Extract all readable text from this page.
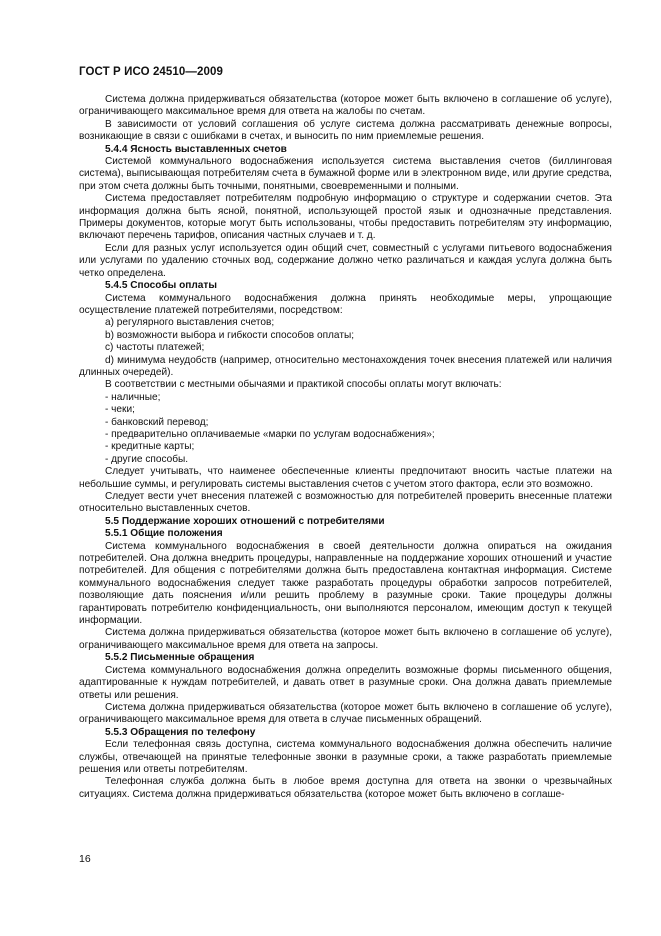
ГОСТ Р ИСО 24510—2009

Система должна придерживаться обязательства (которое может быть включено в соглашение об услуге), ограничивающего максимальное время для ответа на жалобы по счетам.

В зависимости от условий соглашения об услуге система должна рассматривать денежные вопросы, возникающие в связи с ошибками в счетах, и выносить по ним приемлемые решения.

5.4.4 Ясность выставленных счетов

Системой коммунального водоснабжения используется система выставления счетов (биллинговая система), выписывающая потребителям счета в бумажной форме или в электронном виде, или другие средства, при этом счета должны быть точными, понятными, своевременными и полными.

Система предоставляет потребителям подробную информацию о структуре и содержании счетов. Эта информация должна быть ясной, понятной, использующей простой язык и однозначные представления. Примеры документов, которые могут быть использованы, чтобы предоставить потребителям эту информацию, включают перечень тарифов, описания частных случаев и т. д.

Если для разных услуг используется один общий счет, совместный с услугами питьевого водоснабжения или услугами по удалению сточных вод, содержание должно четко различаться и каждая услуга должна быть четко определена.

5.4.5 Способы оплаты

Система коммунального водоснабжения должна принять необходимые меры, упрощающие осуществление платежей потребителями, посредством:

a) регулярного выставления счетов;

b) возможности выбора и гибкости способов оплаты;

c) частоты платежей;

d) минимума неудобств (например, относительно местонахождения точек внесения платежей или наличия длинных очередей).

В соответствии с местными обычаями и практикой способы оплаты могут включать:

- наличные;

- чеки;

- банковский перевод;

- предварительно оплачиваемые «марки по услугам водоснабжения»;

- кредитные карты;

- другие способы.

Следует учитывать, что наименее обеспеченные клиенты предпочитают вносить частые платежи на небольшие суммы, и регулировать системы выставления счетов с учетом этого фактора, если это возможно.

Следует вести учет внесения платежей с возможностью для потребителей проверить внесенные платежи относительно выставленных счетов.

5.5 Поддержание хороших отношений с потребителями

5.5.1 Общие положения

Система коммунального водоснабжения в своей деятельности должна опираться на ожидания потребителей. Она должна внедрить процедуры, направленные на поддержание хороших отношений и участие потребителей. Для общения с потребителями должна быть предоставлена контактная информация. Системе коммунального водоснабжения следует также разработать процедуры обработки запросов потребителей, позволяющие дать пояснения и/или решить проблему в разумные сроки. Такие процедуры должны гарантировать потребителю конфиденциальность, они выполняются персоналом, имеющим доступ к текущей информации.

Система должна придерживаться обязательства (которое может быть включено в соглашение об услуге), ограничивающего максимальное время для ответа на запросы.

5.5.2 Письменные обращения

Система коммунального водоснабжения должна определить возможные формы письменного общения, адаптированные к нуждам потребителей, и давать ответ в разумные сроки. Она должна давать приемлемые ответы или решения.

Система должна придерживаться обязательства (которое может быть включено в соглашение об услуге), ограничивающего максимальное время для ответа в случае письменных обращений.

5.5.3 Обращения по телефону

Если телефонная связь доступна, система коммунального водоснабжения должна обеспечить наличие службы, отвечающей на принятые телефонные звонки в разумные сроки, а также разработать приемлемые решения или ответы потребителям.

Телефонная служба должна быть в любое время доступна для ответа на звонки о чрезвычайных ситуациях. Система должна придерживаться обязательства (которое может быть включено в соглаше-

16
